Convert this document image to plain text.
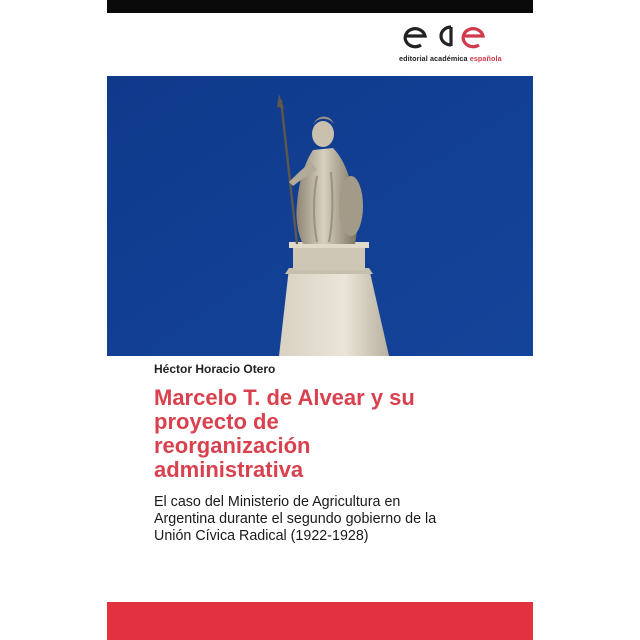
editorial académica española
Héctor Horacio Otero
Marcelo T. de Alvear y su
proyecto de
reorganización
administrativa
El caso del Ministerio de Agricultura en
Argentina durante el segundo gobierno de la
Unión Cívica Radical (1922-1928)
